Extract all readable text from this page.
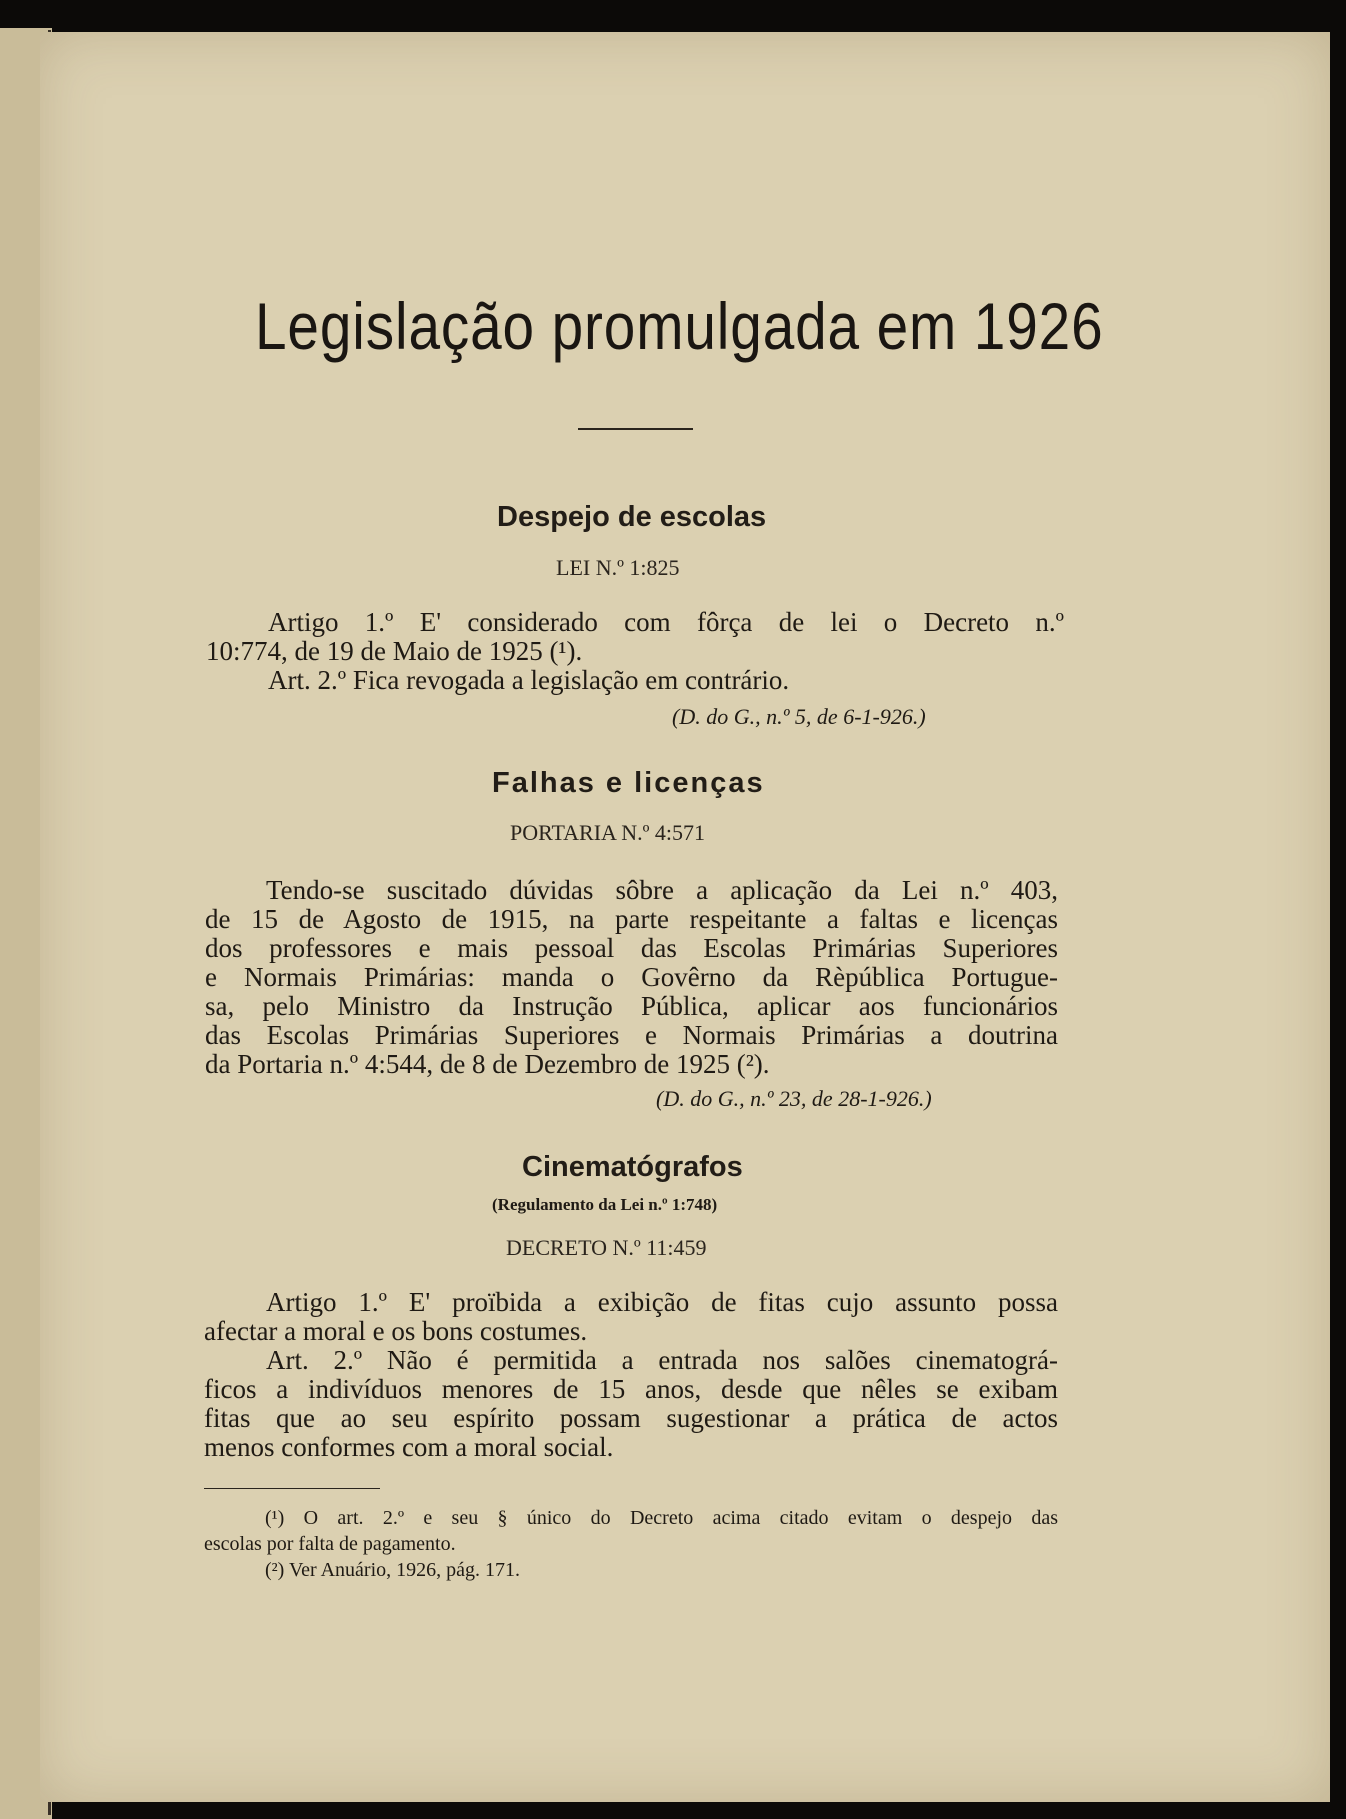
Legislação promulgada em 1926
Despejo de escolas
LEI N.º 1:825
Artigo 1.º E' considerado com fôrça de lei o Decreto n.º
10:774, de 19 de Maio de 1925 (¹).
Art. 2.º Fica revogada a legislação em contrário.
(D. do G., n.º 5, de 6-1-926.)
Falhas e licenças
PORTARIA N.º 4:571
Tendo-se suscitado dúvidas sôbre a aplicação da Lei n.º 403,
de 15 de Agosto de 1915, na parte respeitante a faltas e licenças
dos professores e mais pessoal das Escolas Primárias Superiores
e Normais Primárias: manda o Govêrno da Rèpública Portugue-
sa, pelo Ministro da Instrução Pública, aplicar aos funcionários
das Escolas Primárias Superiores e Normais Primárias a doutrina
da Portaria n.º 4:544, de 8 de Dezembro de 1925 (²).
(D. do G., n.º 23, de 28-1-926.)
Cinematógrafos
(Regulamento da Lei n.º 1:748)
DECRETO N.º 11:459
Artigo 1.º E' proïbida a exibição de fitas cujo assunto possa
afectar a moral e os bons costumes.
Art. 2.º Não é permitida a entrada nos salões cinematográ-
ficos a indivíduos menores de 15 anos, desde que nêles se exibam
fitas que ao seu espírito possam sugestionar a prática de actos
menos conformes com a moral social.
(¹) O art. 2.º e seu § único do Decreto acima citado evitam o despejo das
escolas por falta de pagamento.
(²) Ver Anuário, 1926, pág. 171.
